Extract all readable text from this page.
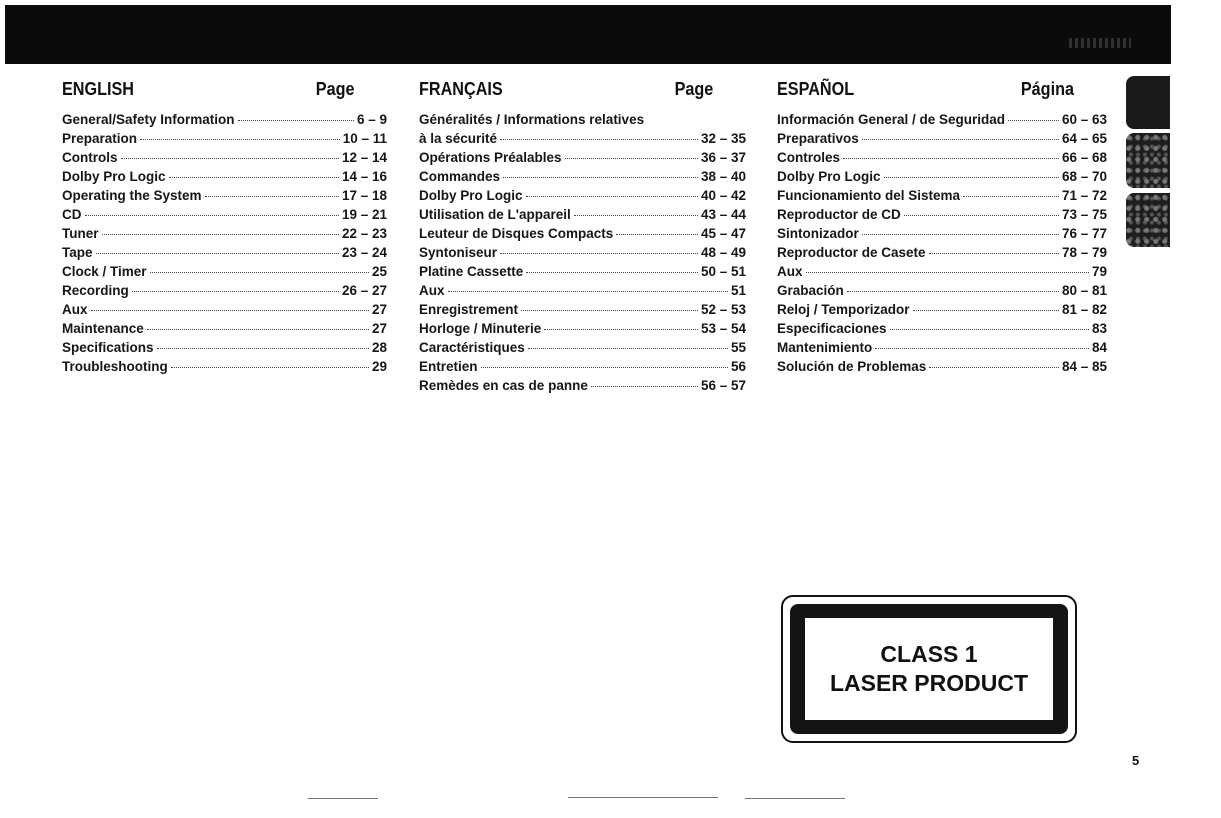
ENGLISH	Page
General/Safety Information	6 – 9
Preparation	10 – 11
Controls	12 – 14
Dolby Pro Logic	14 – 16
Operating the System	17 – 18
CD	19 – 21
Tuner	22 – 23
Tape	23 – 24
Clock / Timer	25
Recording	26 – 27
Aux	27
Maintenance	27
Specifications	28
Troubleshooting	29
FRANÇAIS	Page
Généralités / Informations relatives
à la sécurité	32 – 35
Opérations Préalables	36 – 37
Commandes	38 – 40
Dolby Pro Logic	40 – 42
Utilisation de L'appareil	43 – 44
Leuteur de Disques Compacts	45 – 47
Syntoniseur	48 – 49
Platine Cassette	50 – 51
Aux	51
Enregistrement	52 – 53
Horloge / Minuterie	53 – 54
Caractéristiques	55
Entretien	56
Remèdes en cas de panne	56 – 57
ESPAÑOL	Página
Información General / de Seguridad	60 – 63
Preparativos	64 – 65
Controles	66 – 68
Dolby Pro Logic	68 – 70
Funcionamiento del Sistema	71 – 72
Reproductor de CD	73 – 75
Sintonizador	76 – 77
Reproductor de Casete	78 – 79
Aux	79
Grabación	80 – 81
Reloj / Temporizador	81 – 82
Especificaciones	83
Mantenimiento	84
Solución de Problemas	84 – 85
CLASS 1
LASER PRODUCT
5
